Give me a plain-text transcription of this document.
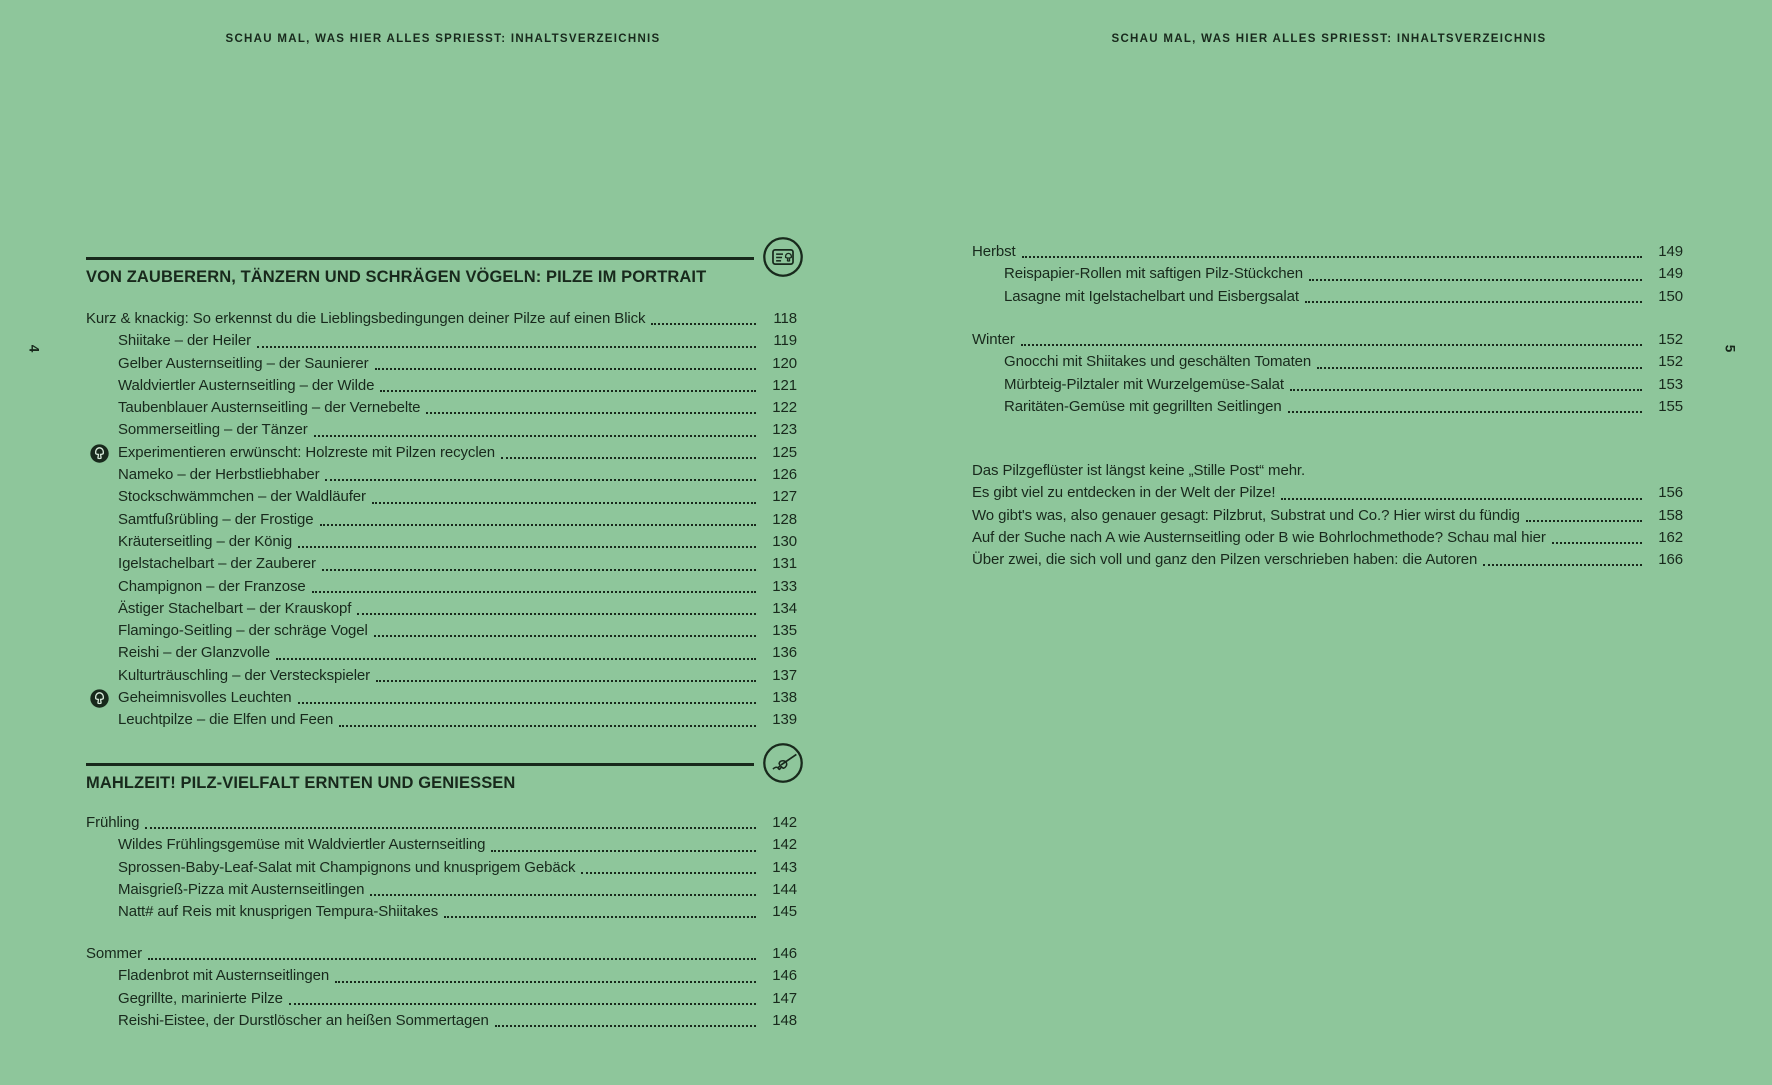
SCHAU MAL, WAS HIER ALLES SPRIESST: INHALTSVERZEICHNIS
VON ZAUBERERN, TÄNZERN UND SCHRÄGEN VÖGELN: PILZE IM PORTRAIT
Kurz & knackig: So erkennst du die Lieblingsbedingungen deiner Pilze auf einen Blick	118
Shiitake – der Heiler	119
Gelber Austernseitling – der Saunierer	120
Waldviertler Austernseitling – der Wilde	121
Taubenblauer Austernseitling – der Vernebelte	122
Sommerseitling – der Tänzer	123
Experimentieren erwünscht: Holzreste mit Pilzen recyclen	125
Nameko – der Herbstliebhaber	126
Stockschwämmchen – der Waldläufer	127
Samtfußrübling – der Frostige	128
Kräuterseitling – der König	130
Igelstachelbart – der Zauberer	131
Champignon – der Franzose	133
Ästiger Stachelbart – der Krauskopf	134
Flamingo-Seitling – der schräge Vogel	135
Reishi – der Glanzvolle	136
Kulturträuschling – der Versteckspieler	137
Geheimnisvolles Leuchten	138
Leuchtpilze – die Elfen und Feen	139
MAHLZEIT! PILZ-VIELFALT ERNTEN UND GENIESSEN
Frühling	142
Wildes Frühlingsgemüse mit Waldviertler Austernseitling	142
Sprossen-Baby-Leaf-Salat mit Champignons und knusprigem Gebäck	143
Maisgrieß-Pizza mit Austernseitlingen	144
Natt# auf Reis mit knusprigen Tempura-Shiitakes	145
Sommer	146
Fladenbrot mit Austernseitlingen	146
Gegrillte, marinierte Pilze	147
Reishi-Eistee, der Durstlöscher an heißen Sommertagen	148
SCHAU MAL, WAS HIER ALLES SPRIESST: INHALTSVERZEICHNIS
Herbst	149
Reispapier-Rollen mit saftigen Pilz-Stückchen	149
Lasagne mit Igelstachelbart und Eisbergsalat	150
Winter	152
Gnocchi mit Shiitakes und geschälten Tomaten	152
Mürbteig-Pilztaler mit Wurzelgemüse-Salat	153
Raritäten-Gemüse mit gegrillten Seitlingen	155
Das Pilzgeflüster ist längst keine „Stille Post“ mehr.
Es gibt viel zu entdecken in der Welt der Pilze!	156
Wo gibt's was, also genauer gesagt: Pilzbrut, Substrat und Co.? Hier wirst du fündig	158
Auf der Suche nach A wie Austernseitling oder B wie Bohrlochmethode? Schau mal hier	162
Über zwei, die sich voll und ganz den Pilzen verschrieben haben: die Autoren	166
4	5
